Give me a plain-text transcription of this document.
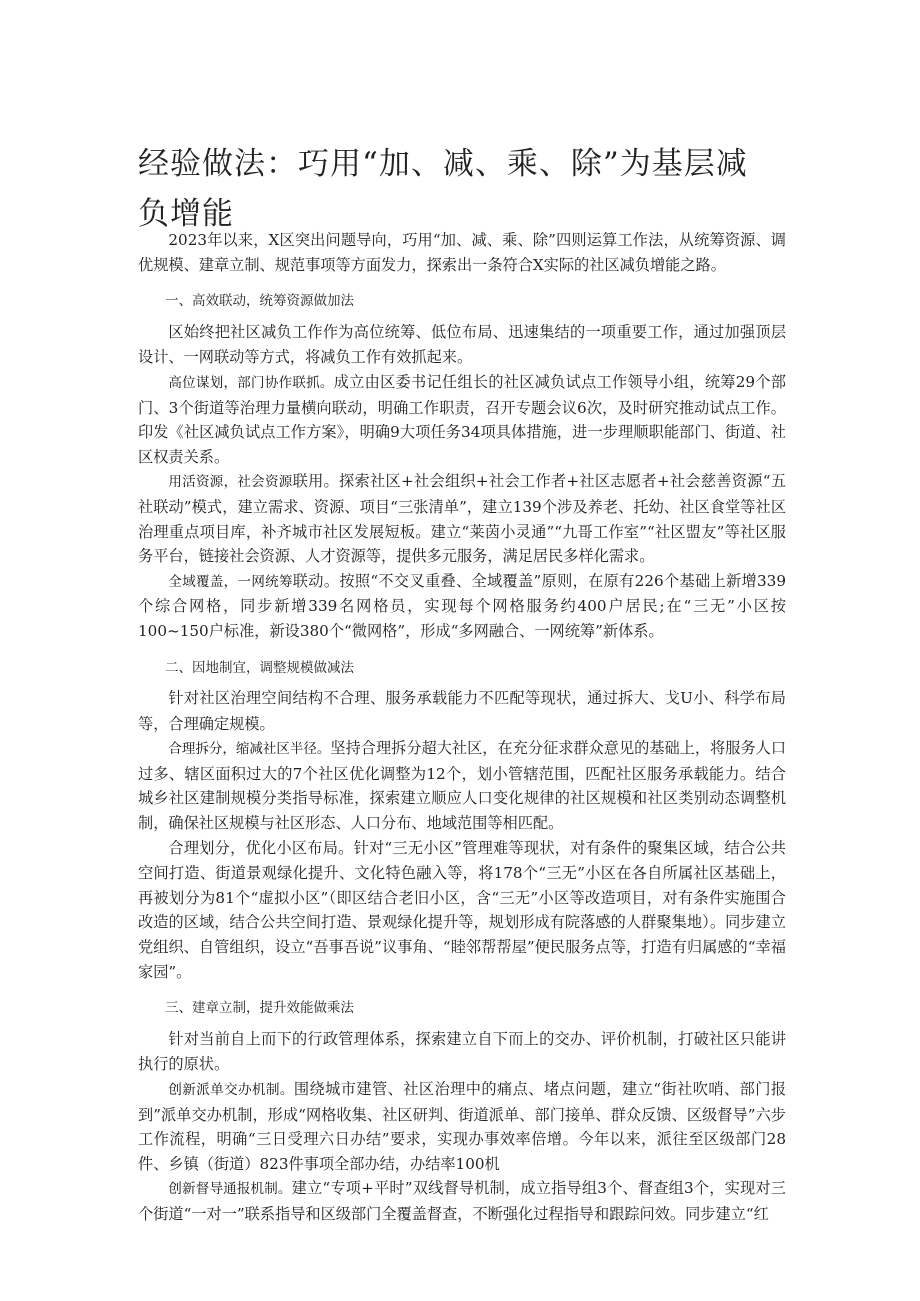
经验做法：巧用“加、减、乘、除”为基层减负增能

2023年以来，X区突出问题导向，巧用“加、减、乘、除”四则运算工作法，从统筹资源、调优规模、建章立制、规范事项等方面发力，探索出一条符合X实际的社区减负增能之路。

一、高效联动，统筹资源做加法

区始终把社区减负工作作为高位统筹、低位布局、迅速集结的一项重要工作，通过加强顶层设计、一网联动等方式，将减负工作有效抓起来。

高位谋划，部门协作联抓。成立由区委书记任组长的社区减负试点工作领导小组，统筹29个部门、3个街道等治理力量横向联动，明确工作职责，召开专题会议6次，及时研究推动试点工作。印发《社区减负试点工作方案》，明确9大项任务34项具体措施，进一步理顺职能部门、街道、社区权责关系。

用活资源，社会资源联用。探索社区+社会组织+社会工作者+社区志愿者+社会慈善资源“五社联动”模式，建立需求、资源、项目“三张清单”，建立139个涉及养老、托幼、社区食堂等社区治理重点项目库，补齐城市社区发展短板。建立“莱茵小灵通”“九哥工作室”“社区盟友”等社区服务平台，链接社会资源、人才资源等，提供多元服务，满足居民多样化需求。

全域覆盖，一网统筹联动。按照“不交叉重叠、全域覆盖”原则，在原有226个基础上新增339个综合网格，同步新增339名网格员，实现每个网格服务约400户居民;在“三无”小区按100~150户标准，新设380个“微网格”，形成“多网融合、一网统筹”新体系。

二、因地制宜，调整规模做减法

针对社区治理空间结构不合理、服务承载能力不匹配等现状，通过拆大、戈U小、科学布局等，合理确定规模。

合理拆分，缩减社区半径。坚持合理拆分超大社区，在充分征求群众意见的基础上，将服务人口过多、辖区面积过大的7个社区优化调整为12个，划小管辖范围，匹配社区服务承载能力。结合城乡社区建制规模分类指导标准，探索建立顺应人口变化规律的社区规模和社区类别动态调整机制，确保社区规模与社区形态、人口分布、地域范围等相匹配。

合理划分，优化小区布局。针对“三无小区”管理难等现状，对有条件的聚集区域，结合公共空间打造、街道景观绿化提升、文化特色融入等，将178个“三无”小区在各自所属社区基础上，再被划分为81个“虚拟小区”（即区结合老旧小区，含“三无”小区等改造项目，对有条件实施围合改造的区域，结合公共空间打造、景观绿化提升等，规划形成有院落感的人群聚集地）。同步建立党组织、自管组织，设立“吾事吾说”议事角、“睦邻帮帮屋”便民服务点等，打造有归属感的“幸福家园”。

三、建章立制，提升效能做乘法

针对当前自上而下的行政管理体系，探索建立自下而上的交办、评价机制，打破社区只能讲执行的原状。

创新派单交办机制。围绕城市建管、社区治理中的痛点、堵点问题，建立“街社吹哨、部门报到”派单交办机制，形成“网格收集、社区研判、街道派单、部门接单、群众反馈、区级督导”六步工作流程，明确“三日受理六日办结”要求，实现办事效率倍增。今年以来，派往至区级部门28件、乡镇（街道）823件事项全部办结，办结率100机

创新督导通报机制。建立“专项+平时”双线督导机制，成立指导组3个、督查组3个，实现对三个街道“一对一”联系指导和区级部门全覆盖督查，不断强化过程指导和跟踪问效。同步建立“红
